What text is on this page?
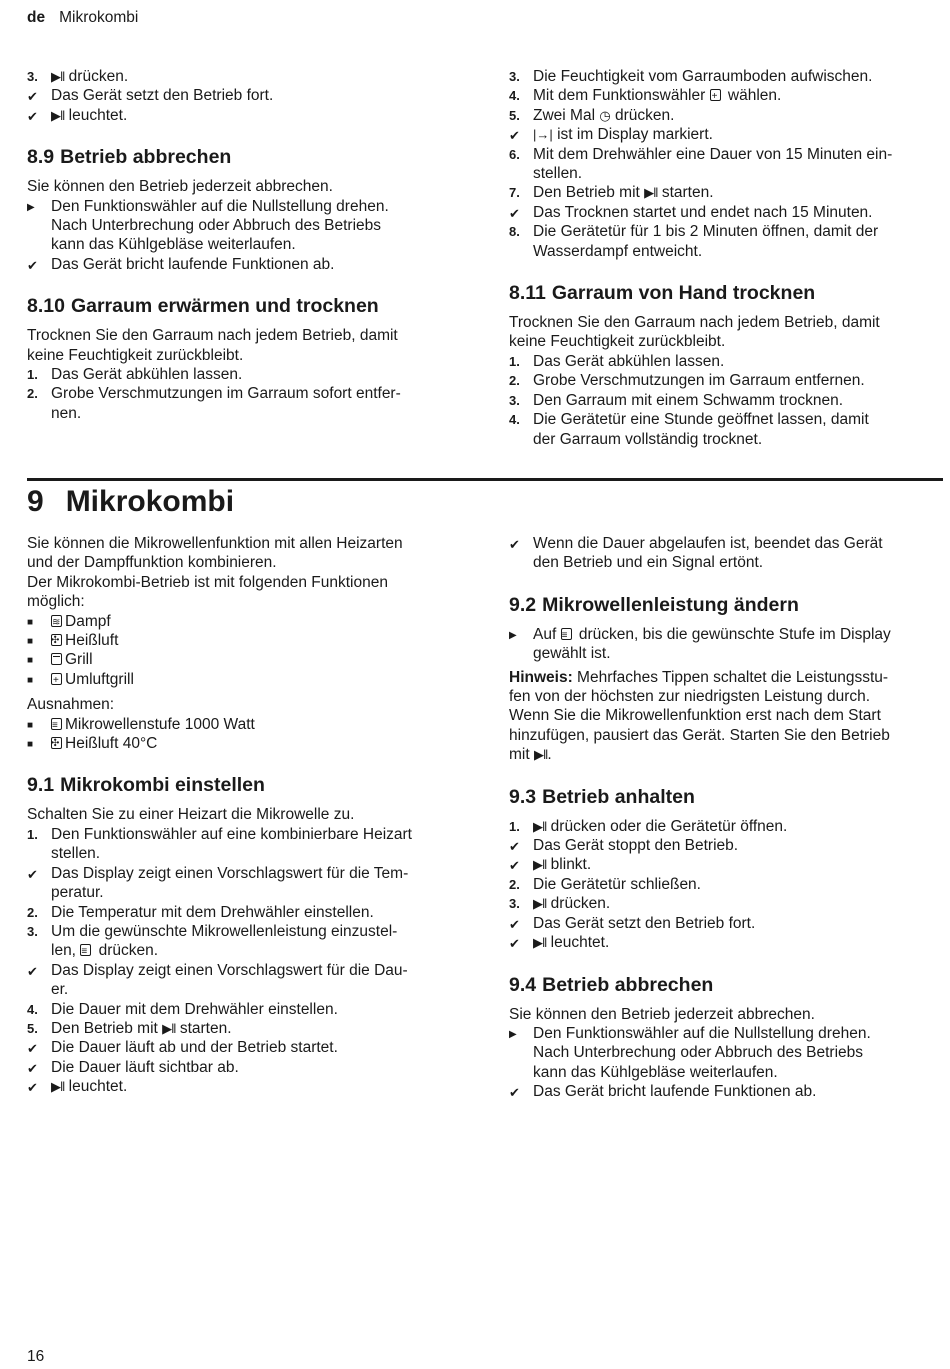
de Mikrokombi
3.	▶︎‖ drücken.
✔ Das Gerät setzt den Betrieb fort.
✔	▶︎‖ leuchtet.
8.9 Betrieb abbrechen

Sie können den Betrieb jederzeit abbrechen.

▶	Den Funktionswähler auf die Nullstellung drehen.
Nach Unterbrechung oder Abbruch des Betriebs
kann das Kühlgebläse weiterlaufen.
✔ Das Gerät bricht laufende Funktionen ab.
8.10 Garraum erwärmen und trocknen

Trocknen Sie den Garraum nach jedem Betrieb, damit
keine Feuchtigkeit zurückbleibt.

1. Das Gerät abkühlen lassen.
2. Grobe Verschmutzungen im Garraum sofort entfer-
nen.
3. Die Feuchtigkeit vom Garraumboden aufwischen.
4. Mit dem Funktionswähler + wählen.
5. Zwei Mal ◷ drücken.
✔	|→| ist im Display markiert.
6. Mit dem Drehwähler eine Dauer von 15 Minuten ein-
stellen.
7. Den Betrieb mit ▶︎‖ starten.
✔ Das Trocknen startet und endet nach 15 Minuten.
8. Die Gerätetür für 1 bis 2 Minuten öffnen, damit der
Wasserdampf entweicht.
8.11 Garraum von Hand trocknen

Trocknen Sie den Garraum nach jedem Betrieb, damit
keine Feuchtigkeit zurückbleibt.

1. Das Gerät abkühlen lassen.
2. Grobe Verschmutzungen im Garraum entfernen.
3. Den Garraum mit einem Schwamm trocknen.
4. Die Gerätetür eine Stunde geöffnet lassen, damit
der Garraum vollständig trocknet.
9 Mikrokombi

Sie können die Mikrowellenfunktion mit allen Heizarten
und der Dampffunktion kombinieren.
Der Mikrokombi-Betrieb ist mit folgenden Funktionen
möglich:

■ ≋	Dampf
■ ✣	Heißluft
■	Grill
■ +	Umluftgrill

Ausnahmen:

■ ≡	Mikrowellenstufe 1000 Watt
■ ✣	Heißluft 40°C
9.1 Mikrokombi einstellen

Schalten Sie zu einer Heizart die Mikrowelle zu.

1. Den Funktionswähler auf eine kombinierbare Heizart
stellen.
✔ Das Display zeigt einen Vorschlagswert für die Tem-
peratur.
2. Die Temperatur mit dem Drehwähler einstellen.
3. Um die gewünschte Mikrowellenleistung einzustel-
len, ≡ drücken.
✔ Das Display zeigt einen Vorschlagswert für die Dau-
er.
4. Die Dauer mit dem Drehwähler einstellen.
5. Den Betrieb mit ▶︎‖ starten.
✔ Die Dauer läuft ab und der Betrieb startet.
✔ Die Dauer läuft sichtbar ab.
✔	▶︎‖ leuchtet.
✔ Wenn die Dauer abgelaufen ist, beendet das Gerät
den Betrieb und ein Signal ertönt.
9.2 Mikrowellenleistung ändern
▶	Auf ≡ drücken, bis die gewünschte Stufe im Display
gewählt ist.

Hinweis: Mehrfaches Tippen schaltet die Leistungsstu-
fen von der höchsten zur niedrigsten Leistung durch.
Wenn Sie die Mikrowellenfunktion erst nach dem Start
hinzufügen, pausiert das Gerät. Starten Sie den Betrieb
mit ▶︎‖.

9.3 Betrieb anhalten
1.	▶︎‖ drücken oder die Gerätetür öffnen.
✔ Das Gerät stoppt den Betrieb.
✔	▶︎‖ blinkt.
2. Die Gerätetür schließen.
3.	▶︎‖ drücken.
✔ Das Gerät setzt den Betrieb fort.
✔	▶︎‖ leuchtet.
9.4 Betrieb abbrechen

Sie können den Betrieb jederzeit abbrechen.

▶	Den Funktionswähler auf die Nullstellung drehen.
Nach Unterbrechung oder Abbruch des Betriebs
kann das Kühlgebläse weiterlaufen.
✔ Das Gerät bricht laufende Funktionen ab.
16
